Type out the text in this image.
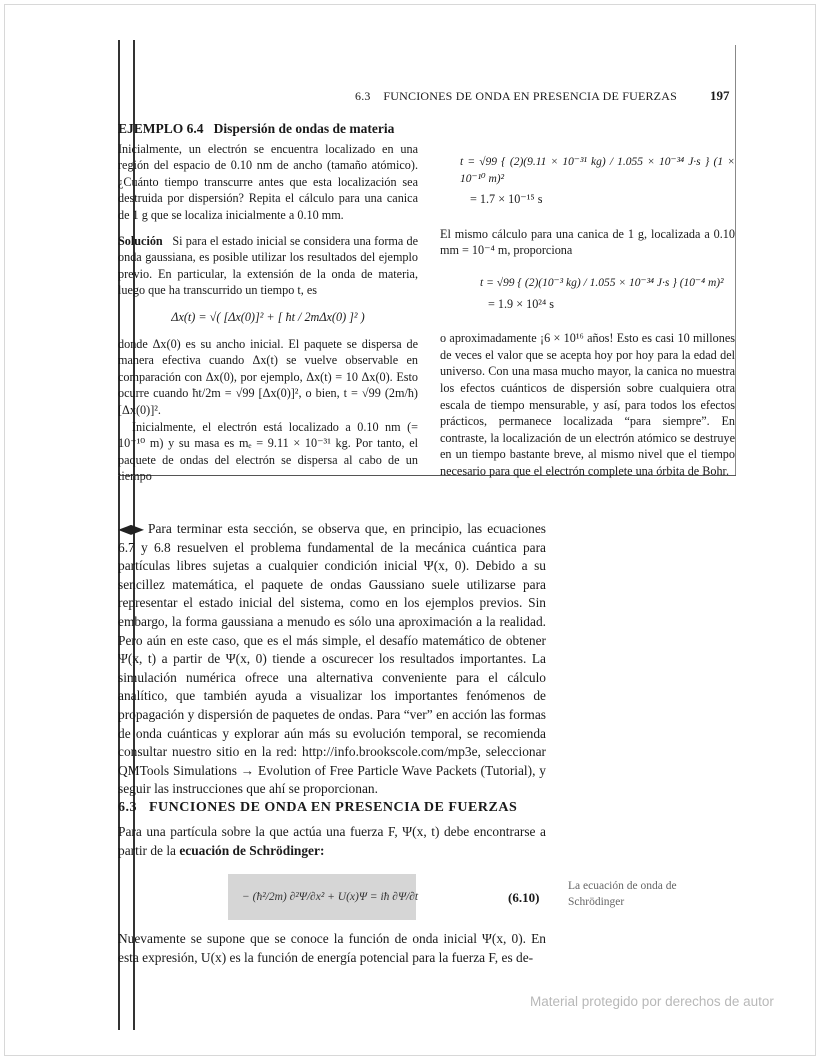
6.3    FUNCIONES DE ONDA EN PRESENCIA DE FUERZAS	197

EJEMPLO 6.4   Dispersión de ondas de materia

Inicialmente, un electrón se encuentra localizado en una región del espacio de 0.10 nm de ancho (tamaño atómico). ¿Cuánto tiempo transcurre antes que esta localización sea destruida por dispersión? Repita el cálculo para una canica de 1 g que se localiza inicialmente a 0.10 mm.

Solución Si para el estado inicial se considera una forma de onda gaussiana, es posible utilizar los resultados del ejemplo previo. En particular, la extensión de la onda de materia, luego que ha transcurrido un tiempo t, es

Δx(t) = √( [Δx(0)]² + [ ħt / 2mΔx(0) ]² )

donde Δx(0) es su ancho inicial. El paquete se dispersa de manera efectiva cuando Δx(t) se vuelve observable en comparación con Δx(0), por ejemplo, Δx(t) = 10 Δx(0). Esto ocurre cuando ħt/2m = √99 [Δx(0)]², o bien, t = √99 (2m/ħ)[Δx(0)]².

Inicialmente, el electrón está localizado a 0.10 nm (= 10⁻¹⁰ m) y su masa es mₑ = 9.11 × 10⁻³¹ kg. Por tanto, el paquete de ondas del electrón se dispersa al cabo de un tiempo

t = √99 { (2)(9.11 × 10⁻³¹ kg) / 1.055 × 10⁻³⁴ J·s } (1 × 10⁻¹⁰ m)²

= 1.7 × 10⁻¹⁵ s

El mismo cálculo para una canica de 1 g, localizada a 0.10 mm = 10⁻⁴ m, proporciona

t = √99 { (2)(10⁻³ kg) / 1.055 × 10⁻³⁴ J·s } (10⁻⁴ m)²

= 1.9 × 10²⁴ s

o aproximadamente ¡6 × 10¹⁶ años! Esto es casi 10 millones de veces el valor que se acepta hoy por hoy para la edad del universo. Con una masa mucho mayor, la canica no muestra los efectos cuánticos de dispersión sobre cualquiera otra escala de tiempo mensurable, y así, para todos los efectos prácticos, permanece localizada “para siempre”. En contraste, la localización de un electrón atómico se destruye en un tiempo bastante breve, al mismo nivel que el tiempo necesario para que el electrón complete una órbita de Bohr.

Para terminar esta sección, se observa que, en principio, las ecuaciones 6.7 y 6.8 resuelven el problema fundamental de la mecánica cuántica para partículas libres sujetas a cualquier condición inicial Ψ(x, 0). Debido a su sencillez matemática, el paquete de ondas Gaussiano suele utilizarse para representar el estado inicial del sistema, como en los ejemplos previos. Sin embargo, la forma gaussiana a menudo es sólo una aproximación a la realidad. Pero aún en este caso, que es el más simple, el desafío matemático de obtener Ψ(x, t) a partir de Ψ(x, 0) tiende a oscurecer los resultados importantes. La simulación numérica ofrece una alternativa conveniente para el cálculo analítico, que también ayuda a visualizar los importantes fenómenos de propagación y dispersión de paquetes de ondas. Para “ver” en acción las formas de onda cuánticas y explorar aún más su evolución temporal, se recomienda consultar nuestro sitio en la red: http://info.brookscole.com/mp3e, seleccionar QMTools Simulations → Evolution of Free Particle Wave Packets (Tutorial), y seguir las instrucciones que ahí se proporcionan.
6.3   FUNCIONES DE ONDA EN PRESENCIA DE FUERZAS
Para una partícula sobre la que actúa una fuerza F, Ψ(x, t) debe encontrarse a partir de la ecuación de Schrödinger:
− (ħ²/2m) ∂²Ψ/∂x² + U(x)Ψ = iħ ∂Ψ/∂t	(6.10)
La ecuación de onda de Schrödinger
Nuevamente se supone que se conoce la función de onda inicial Ψ(x, 0). En esta expresión, U(x) es la función de energía potencial para la fuerza F, es de-
Material protegido por derechos de autor
